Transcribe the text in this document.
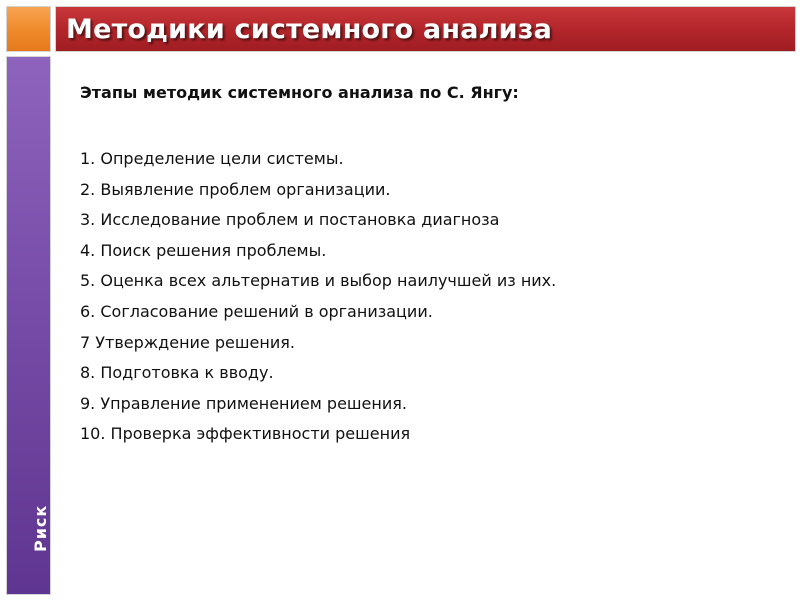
Методики системного анализа
Риск
Этапы методик системного анализа по С. Янгу:
1. Определение цели системы.
2. Выявление проблем организации.
3. Исследование проблем и постановка диагноза
4. Поиск решения проблемы.
5. Оценка всех альтернатив и выбор наилучшей из них.
6. Согласование решений в организации.
7 Утверждение решения.
8. Подготовка к вводу.
9. Управление применением решения.
10. Проверка эффективности решения
